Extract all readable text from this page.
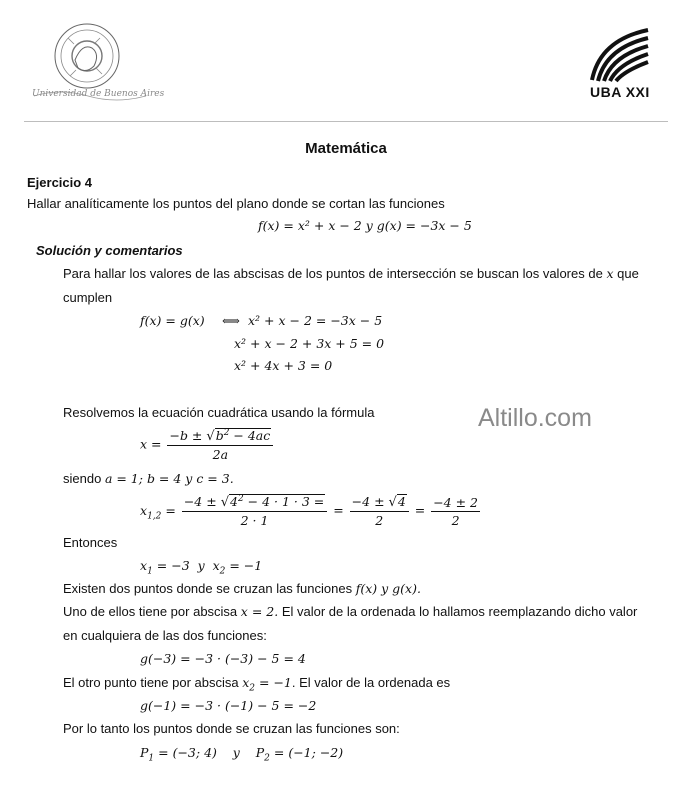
Universidad de Buenos Aires	UBA XXI
Matemática
Ejercicio 4
Hallar analíticamente los puntos del plano donde se cortan las funciones
f(x) = x² + x − 2 y g(x) = −3x − 5
Solución y comentarios
Para hallar los valores de las abscisas de los puntos de intersección se buscan los valores de x que
cumplen
f(x) = g(x) ⟺ x² + x − 2 = −3x − 5
x² + x − 2 + 3x + 5 = 0
x² + 4x + 3 = 0
Resolvemos la ecuación cuadrática usando la fórmula	Altillo.com
$x = \frac{-b \pm √b^2 - 4ac}{2a}$
siendo a = 1; b = 4 y c = 3.
$x_{1,2} = \frac{-4 \pm √4^2 - 4 \cdot 1 \cdot 3 =}{2 \cdot 1} = \frac{-4 \pm √4}{2} = \frac{-4 \pm 2}{2}$
Entonces
$x_1 = -3$  y  $x_2 = -1$
Existen dos puntos donde se cruzan las funciones f(x) y g(x).
Uno de ellos tiene por abscisa x = 2. El valor de la ordenada lo hallamos reemplazando dicho valor
en cualquiera de las dos funciones:
g(−3) = −3 · (−3) − 5 = 4
El otro punto tiene por abscisa $x_2 = -1$. El valor de la ordenada es
g(−1) = −3 · (−1) − 5 = −2
Por lo tanto los puntos donde se cruzan las funciones son:
$P_1 = (-3$; 4)    y    $P_2 = (-1$; −2)
